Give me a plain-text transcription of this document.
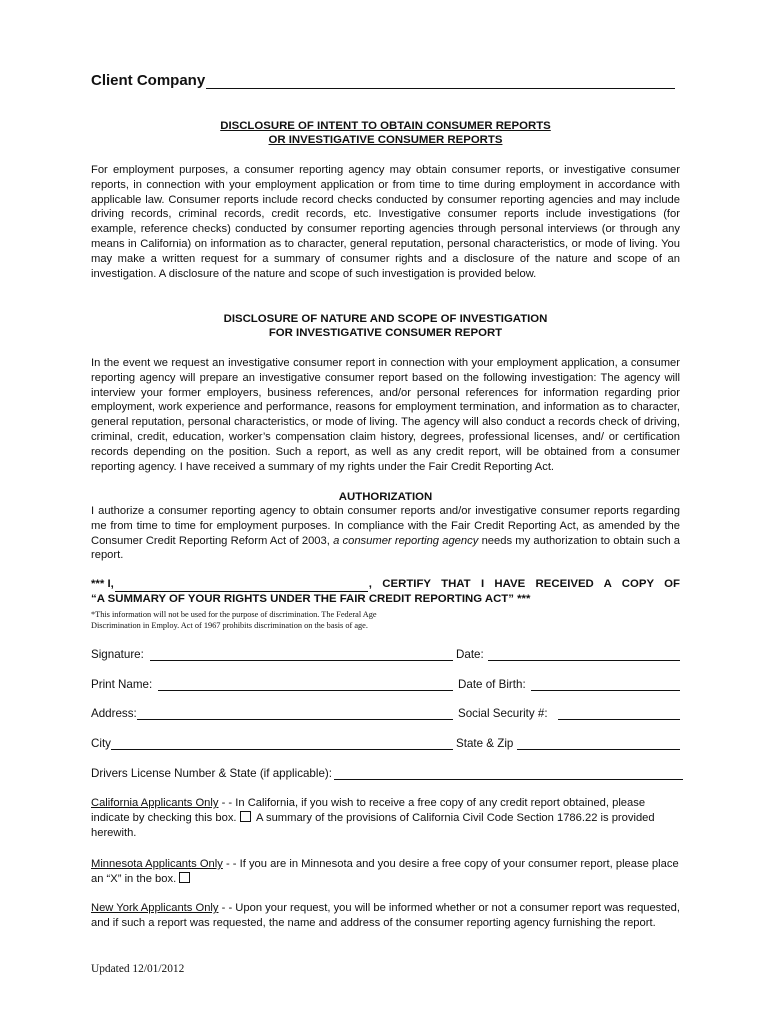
Client Company
DISCLOSURE OF INTENT TO OBTAIN CONSUMER REPORTS
OR INVESTIGATIVE CONSUMER REPORTS

For employment purposes, a consumer reporting agency may obtain consumer reports, or investigative consumer reports, in connection with your employment application or from time to time during employment in accordance with applicable law. Consumer reports include record checks conducted by consumer reporting agencies and may include driving records, criminal records, credit records, etc. Investigative consumer reports include investigations (for example, reference checks) conducted by consumer reporting agencies through personal interviews (or through any means in California) on information as to character, general reputation, personal characteristics, or mode of living. You may make a written request for a summary of consumer rights and a disclosure of the nature and scope of an investigation. A disclosure of the nature and scope of such investigation is provided below.

DISCLOSURE OF NATURE AND SCOPE OF INVESTIGATION
FOR INVESTIGATIVE CONSUMER REPORT

In the event we request an investigative consumer report in connection with your employment application, a consumer reporting agency will prepare an investigative consumer report based on the following investigation: The agency will interview your former employers, business references, and/or personal references for information regarding prior employment, work experience and performance, reasons for employment termination, and information as to character, general reputation, personal characteristics, or mode of living. The agency will also conduct a records check of driving, criminal, credit, education, worker’s compensation claim history, degrees, professional licenses, and/ or certification records depending on the position. Such a report, as well as any credit report, will be obtained from a consumer reporting agency. I have received a summary of my rights under the Fair Credit Reporting Act.

AUTHORIZATION

I authorize a consumer reporting agency to obtain consumer reports and/or investigative consumer reports regarding me from time to time for employment purposes. In compliance with the Fair Credit Reporting Act, as amended by the Consumer Credit Reporting Reform Act of 2003, a consumer reporting agency needs my authorization to obtain such a report.

*** I,	, CERTIFY THAT I HAVE RECEIVED A COPY OF
“A SUMMARY OF YOUR RIGHTS UNDER THE FAIR CREDIT REPORTING ACT” ***
*This information will not be used for the purpose of discrimination. The Federal Age
Discrimination in Employ. Act of 1967 prohibits discrimination on the basis of age.
Signature:	Date:
Print Name:	Date of Birth:
Address:	Social Security #:
City	State & Zip
Drivers License Number & State (if applicable):

California Applicants Only - - In California, if you wish to receive a free copy of any credit report obtained, please indicate by checking this box. A summary of the provisions of California Civil Code Section 1786.22 is provided herewith.

Minnesota Applicants Only - - If you are in Minnesota and you desire a free copy of your consumer report, please place an “X” in the box.

New York Applicants Only - - Upon your request, you will be informed whether or not a consumer report was requested, and if such a report was requested, the name and address of the consumer reporting agency furnishing the report.

Updated 12/01/2012
